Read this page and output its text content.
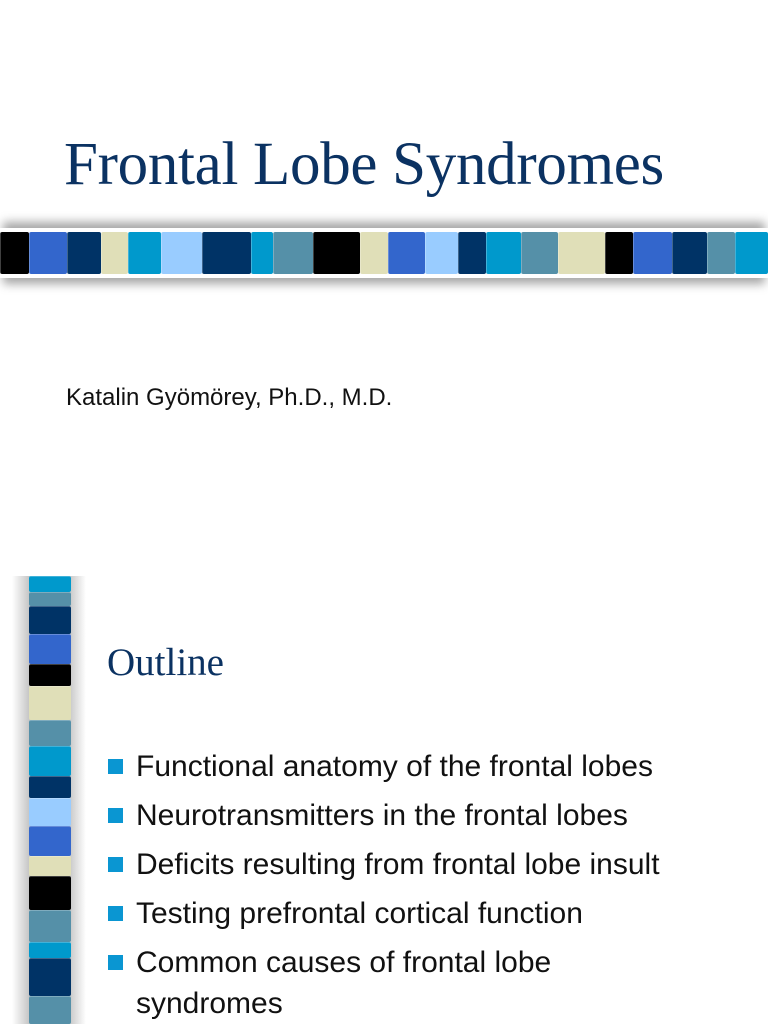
Frontal Lobe Syndromes
Katalin Gyömörey, Ph.D., M.D.
Outline
Functional anatomy of the frontal lobes
Neurotransmitters in the frontal lobes
Deficits resulting from frontal lobe insult
Testing prefrontal cortical function
Common causes of frontal lobe syndromes
